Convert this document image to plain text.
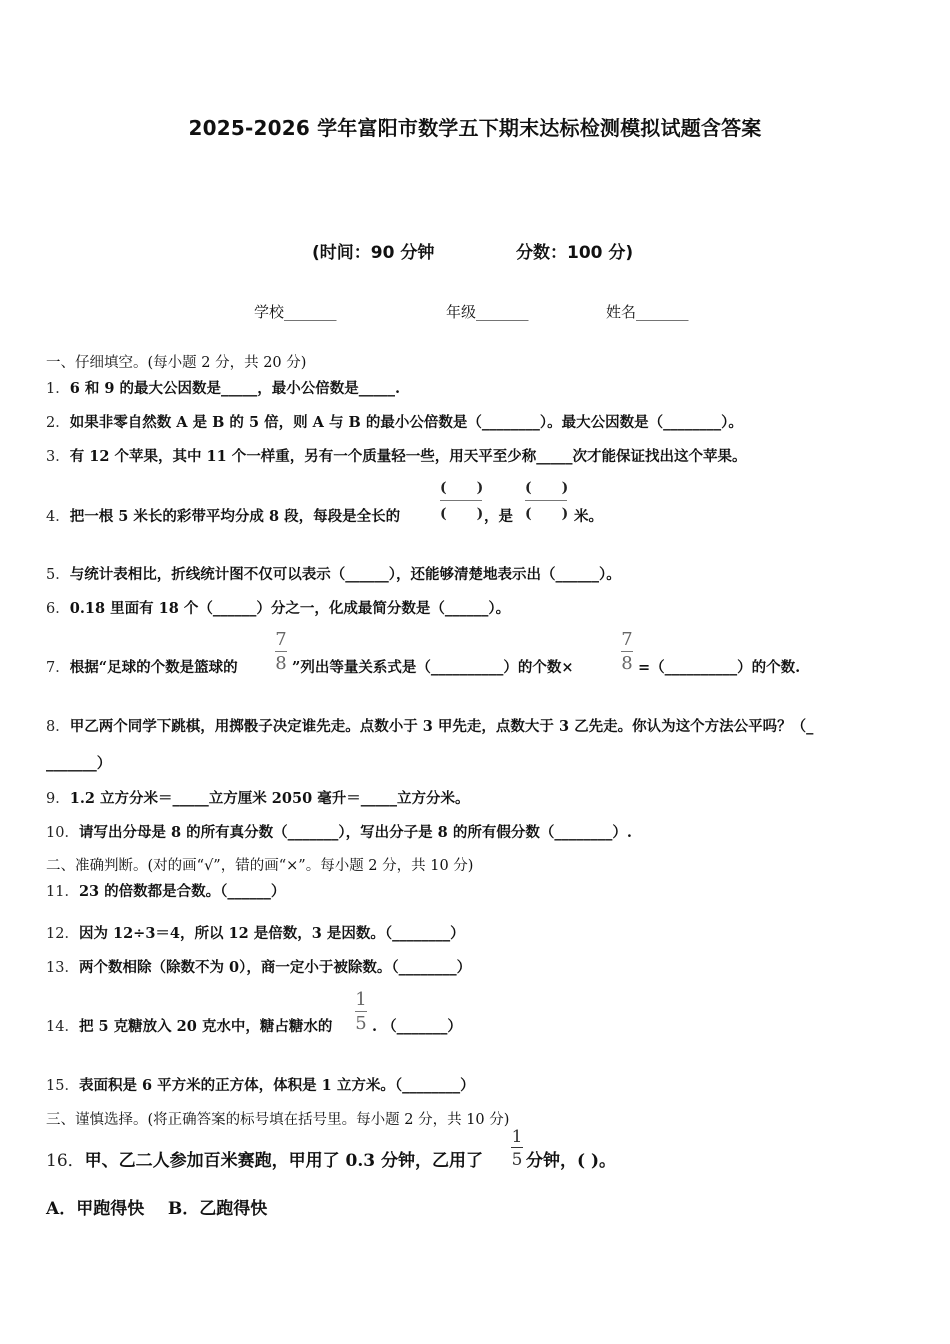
2025-2026 学年富阳市数学五下期末达标检测模拟试题含答案
(时间：90 分钟	分数：100 分)
学校_______	年级_______	姓名_______
一、仔细填空。(每小题 2 分，共 20 分)
1．6 和 9 的最大公因数是_____，最小公倍数是_____.
2．如果非零自然数 A 是 B 的 5 倍，则 A 与 B 的最小公倍数是（________）。最大公因数是（________）。
3．有 12 个苹果，其中 11 个一样重，另有一个质量轻一些，用天平至少称_____次才能保证找出这个苹果。
4．把一根 5 米长的彩带平均分成 8 段，每段是全长的
( )
( ) ，是
( )
( ) 米。
5．与统计表相比，折线统计图不仅可以表示（______），还能够清楚地表示出（______）。
6．0.18 里面有 18 个（______）分之一，化成最简分数是（______）。
7．根据“足球的个数是篮球的
7
8 ”列出等量关系式是（__________）的个数×
7
8 =（__________）的个数.
8．甲乙两个同学下跳棋，用掷骰子决定谁先走。点数小于 3 甲先走，点数大于 3 乙先走。你认为这个方法公平吗？（_
_______）
9．1.2 立方分米＝_____立方厘米 2050 毫升＝_____立方分米。
10．请写出分母是 8 的所有真分数（_______），写出分子是 8 的所有假分数（________）.
二、准确判断。(对的画“√”，错的画“×”。每小题 2 分，共 10 分)
11．23 的倍数都是合数。（______）
12．因为 12÷3＝4，所以 12 是倍数，3 是因数。（________）
13．两个数相除（除数不为 0），商一定小于被除数。（________）
14．把 5 克糖放入 20 克水中，糖占糖水的
1
5 . （_______）
15．表面积是 6 平方米的正方体，体积是 1 立方米。（________）
三、谨慎选择。(将正确答案的标号填在括号里。每小题 2 分，共 10 分)
16．甲、乙二人参加百米赛跑，甲用了 0.3 分钟，乙用了
1
5 分钟，( )。
A．甲跑得快    B．乙跑得快
